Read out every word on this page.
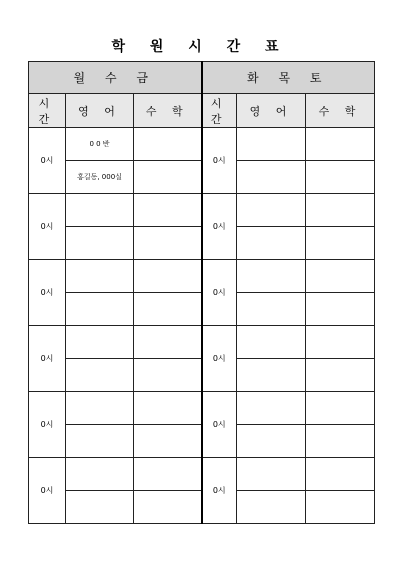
학 원 시 간 표
월 수 금			화 목 토		
시 간	영 어	수 학	시 간	영 어	수 학
0시	0 0 반		0시		
	홍길동, 000실				
0시			0시		

0시			0시		

0시			0시		

0시			0시		

0시			0시		
